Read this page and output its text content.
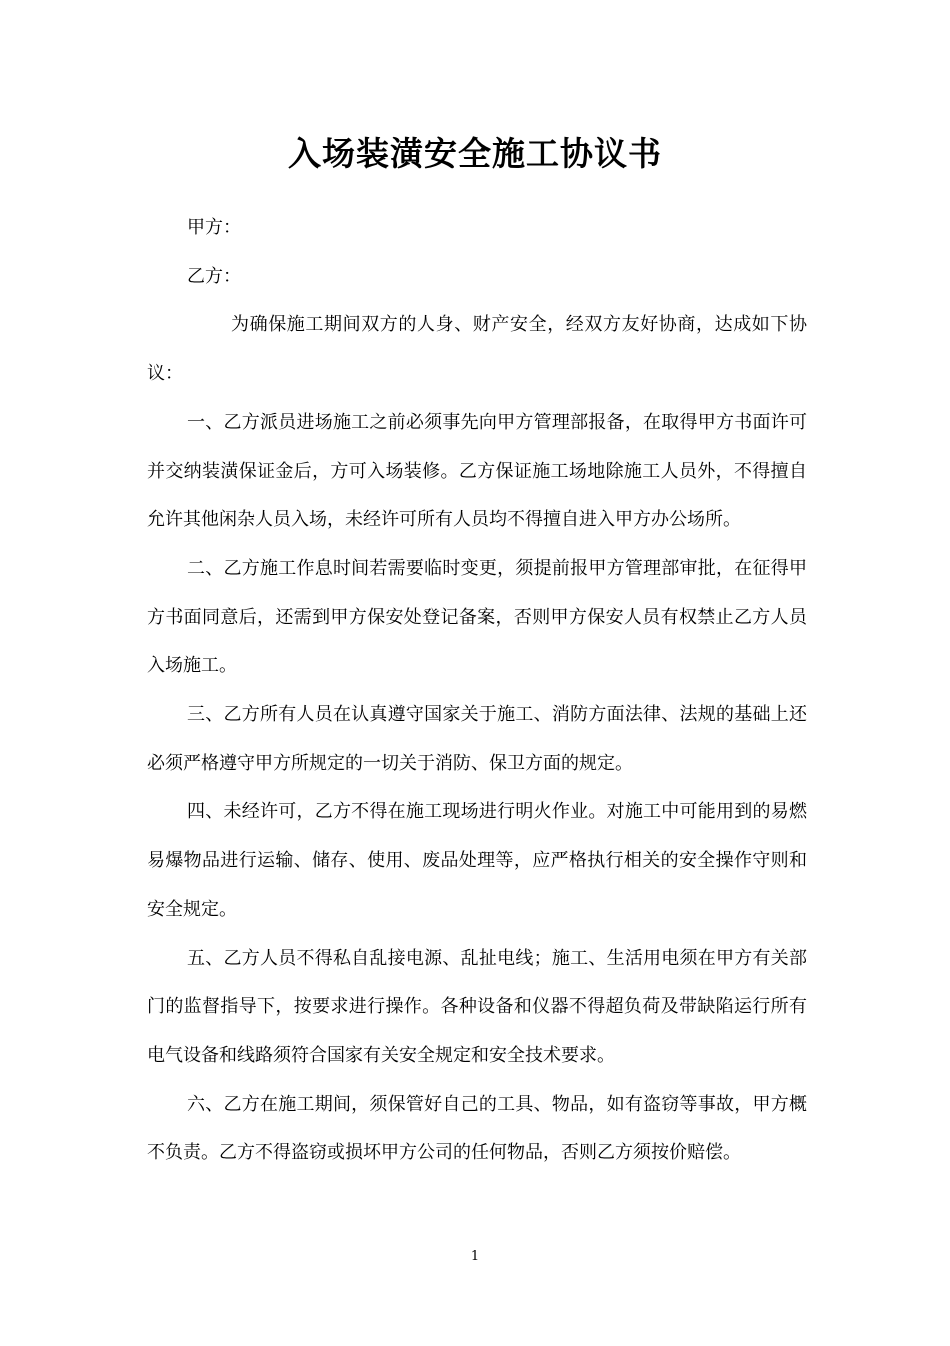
入场装潢安全施工协议书

甲方：

乙方：

为确保施工期间双方的人身、财产安全，经双方友好协商，达成如下协议：

一、乙方派员进场施工之前必须事先向甲方管理部报备，在取得甲方书面许可并交纳装潢保证金后，方可入场装修。乙方保证施工场地除施工人员外，不得擅自允许其他闲杂人员入场，未经许可所有人员均不得擅自进入甲方办公场所。

二、乙方施工作息时间若需要临时变更，须提前报甲方管理部审批，在征得甲方书面同意后，还需到甲方保安处登记备案，否则甲方保安人员有权禁止乙方人员入场施工。

三、乙方所有人员在认真遵守国家关于施工、消防方面法律、法规的基础上还必须严格遵守甲方所规定的一切关于消防、保卫方面的规定。

四、未经许可，乙方不得在施工现场进行明火作业。对施工中可能用到的易燃易爆物品进行运输、储存、使用、废品处理等，应严格执行相关的安全操作守则和安全规定。

五、乙方人员不得私自乱接电源、乱扯电线；施工、生活用电须在甲方有关部门的监督指导下，按要求进行操作。各种设备和仪器不得超负荷及带缺陷运行所有电气设备和线路须符合国家有关安全规定和安全技术要求。

六、乙方在施工期间，须保管好自己的工具、物品，如有盗窃等事故，甲方概不负责。乙方不得盗窃或损坏甲方公司的任何物品，否则乙方须按价赔偿。

1
